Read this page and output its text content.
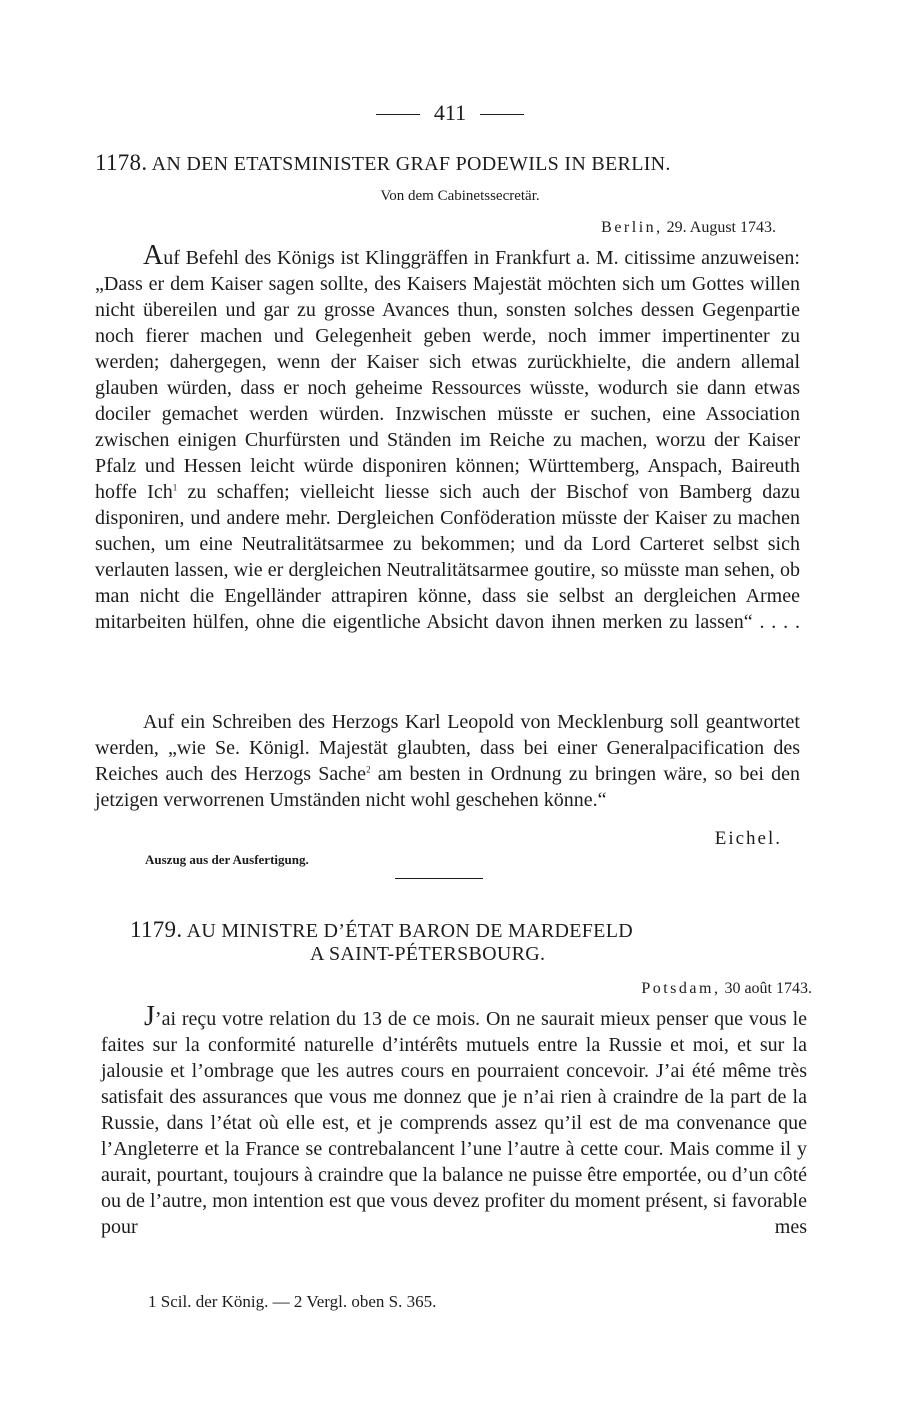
411
1178. AN DEN ETATSMINISTER GRAF PODEWILS IN BERLIN.
Von dem Cabinetssecretär.
Berlin, 29. August 1743.

Auf Befehl des Königs ist Klinggräffen in Frankfurt a. M. citissime anzuweisen: „Dass er dem Kaiser sagen sollte, des Kaisers Majestät möchten sich um Gottes willen nicht übereilen und gar zu grosse Avances thun, sonsten solches dessen Gegenpartie noch fierer machen und Gelegenheit geben werde, noch immer impertinenter zu werden; dahergegen, wenn der Kaiser sich etwas zurückhielte, die andern allemal glauben würden, dass er noch geheime Ressources wüsste, wodurch sie dann etwas dociler gemachet werden würden. Inzwischen müsste er suchen, eine Association zwischen einigen Churfürsten und Ständen im Reiche zu machen, worzu der Kaiser Pfalz und Hessen leicht würde disponiren können; Württemberg, Anspach, Baireuth hoffe Ich$^1$ zu schaffen; vielleicht liesse sich auch der Bischof von Bamberg dazu disponiren, und andere mehr. Dergleichen Conföderation müsste der Kaiser zu machen suchen, um eine Neutralitätsarmee zu bekommen; und da Lord Carteret selbst sich verlauten lassen, wie er dergleichen Neutralitätsarmee goutire, so müsste man sehen, ob man nicht die Engelländer attrapiren könne, dass sie selbst an dergleichen Armee mitarbeiten hülfen, ohne die eigentliche Absicht davon ihnen merken zu lassen“ . . . .

Auf ein Schreiben des Herzogs Karl Leopold von Mecklenburg soll geantwortet werden, „wie Se. Königl. Majestät glaubten, dass bei einer Generalpacification des Reiches auch des Herzogs Sache$^2$ am besten in Ordnung zu bringen wäre, so bei den jetzigen verworrenen Umständen nicht wohl geschehen könne.“

Eichel.
Auszug aus der Ausfertigung.
1179. AU MINISTRE D’ÉTAT BARON DE MARDEFELD
A SAINT-PÉTERSBOURG.
Potsdam, 30 août 1743.

J’ai reçu votre relation du 13 de ce mois. On ne saurait mieux penser que vous le faites sur la conformité naturelle d’intérêts mutuels entre la Russie et moi, et sur la jalousie et l’ombrage que les autres cours en pourraient concevoir. J’ai été même très satisfait des assurances que vous me donnez que je n’ai rien à craindre de la part de la Russie, dans l’état où elle est, et je comprends assez qu’il est de ma convenance que l’Angleterre et la France se contrebalancent l’une l’autre à cette cour. Mais comme il y aurait, pourtant, toujours à craindre que la balance ne puisse être emportée, ou d’un côté ou de l’autre, mon intention est que vous devez profiter du moment présent, si favorable pour mes

1 Scil. der König. — 2 Vergl. oben S. 365.
